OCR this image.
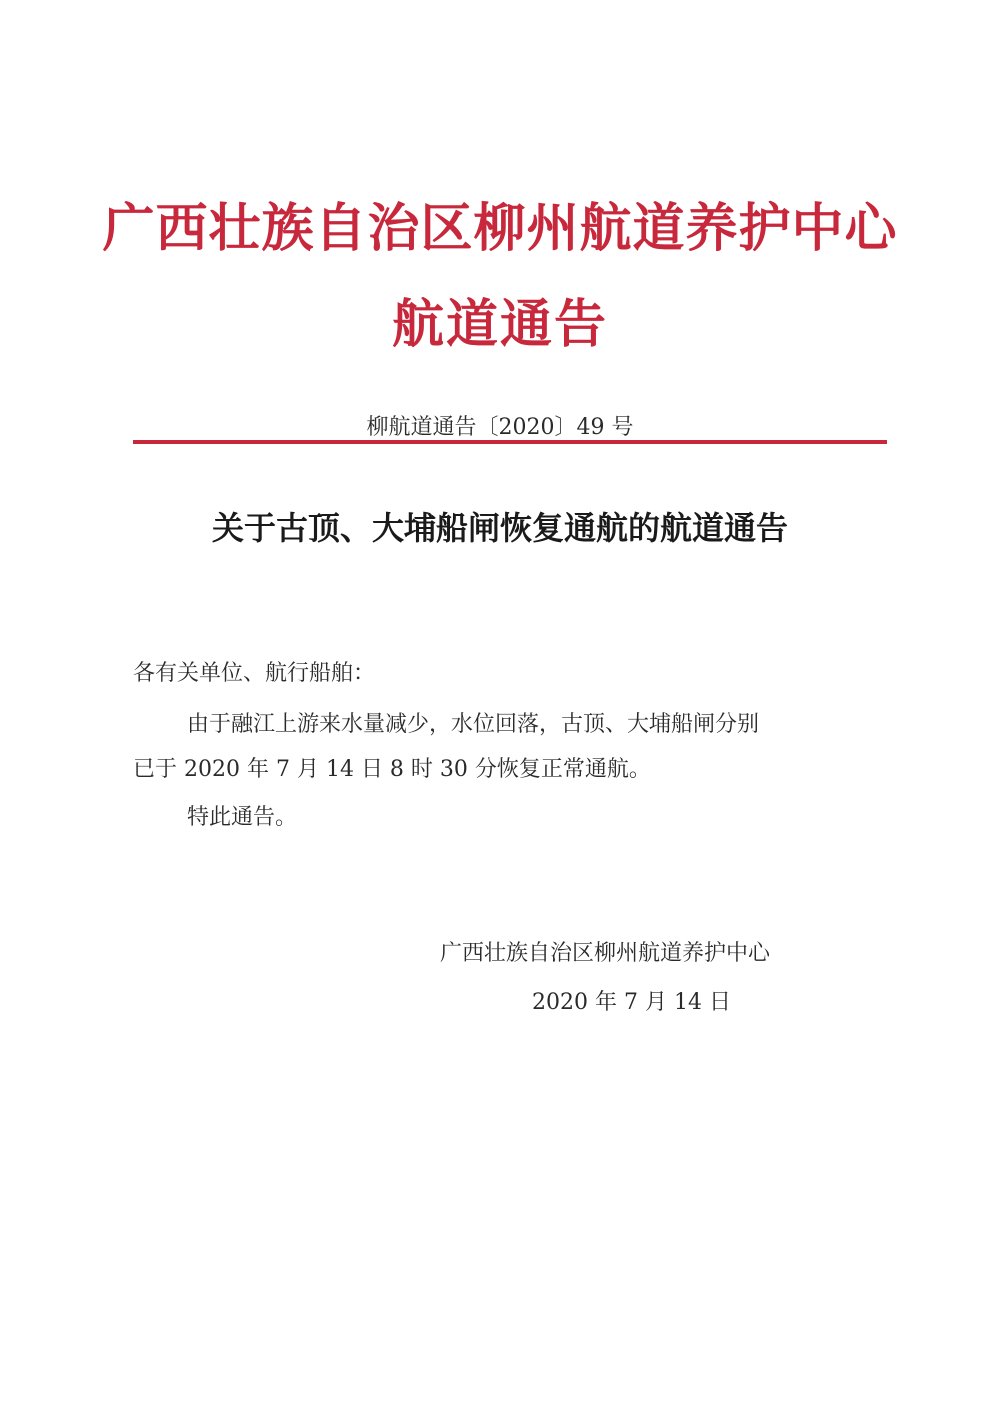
广西壮族自治区柳州航道养护中心
航道通告
柳航道通告〔2020〕49 号
关于古顶、大埔船闸恢复通航的航道通告
各有关单位、航行船舶：
由于融江上游来水量减少，水位回落，古顶、大埔船闸分别
已于 2020 年 7 月 14 日 8 时 30 分恢复正常通航。
特此通告。
广西壮族自治区柳州航道养护中心
2020 年 7 月 14 日
